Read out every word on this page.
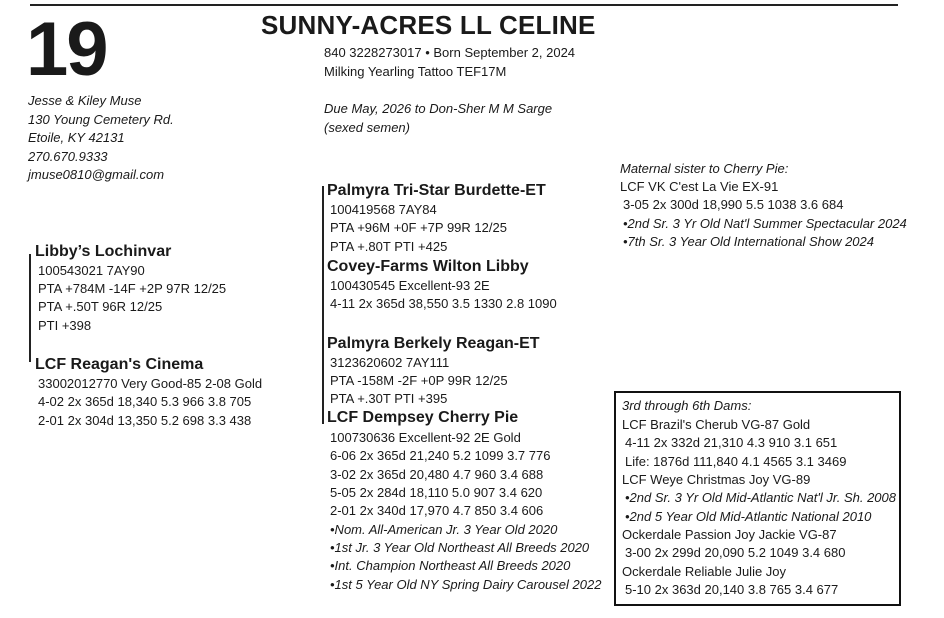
19	SUNNY-ACRES LL CELINE
840 3228273017 • Born September 2, 2024
Milking Yearling Tattoo TEF17M
Due May, 2026 to Don-Sher M M Sarge
(sexed semen)
Jesse & Kiley Muse
130 Young Cemetery Rd.
Etoile, KY 42131
270.670.9333
jmuse0810@gmail.com
Libby’s Lochinvar
100543021 7AY90
PTA +784M -14F +2P 97R 12/25
PTA +.50T 96R 12/25
PTI +398
LCF Reagan's Cinema
33002012770 Very Good-85 2-08 Gold
4-02 2x 365d 18,340 5.3 966 3.8 705
2-01 2x 304d 13,350 5.2 698 3.3 438
Palmyra Tri-Star Burdette-ET
100419568 7AY84
PTA +96M +0F +7P 99R 12/25
PTA +.80T PTI +425
Covey-Farms Wilton Libby
100430545 Excellent-93 2E
4-11 2x 365d 38,550 3.5 1330 2.8 1090
Palmyra Berkely Reagan-ET
3123620602 7AY111
PTA -158M -2F +0P 99R 12/25
PTA +.30T PTI +395
LCF Dempsey Cherry Pie
100730636 Excellent-92 2E Gold
6-06 2x 365d 21,240 5.2 1099 3.7 776
3-02 2x 365d 20,480 4.7 960 3.4 688
5-05 2x 284d 18,110 5.0 907 3.4 620
2-01 2x 340d 17,970 4.7 850 3.4 606
•Nom. All-American Jr. 3 Year Old 2020
•1st Jr. 3 Year Old Northeast All Breeds 2020
•Int. Champion Northeast All Breeds 2020
•1st 5 Year Old NY Spring Dairy Carousel 2022
Maternal sister to Cherry Pie:
LCF VK C'est La Vie EX-91
3-05 2x 300d 18,990 5.5 1038 3.6 684
•2nd Sr. 3 Yr Old Nat'l Summer Spectacular 2024
•7th Sr. 3 Year Old International Show 2024
3rd through 6th Dams:
LCF Brazil's Cherub VG-87 Gold
4-11 2x 332d 21,310 4.3 910 3.1 651
Life: 1876d 111,840 4.1 4565 3.1 3469
LCF Weye Christmas Joy VG-89
•2nd Sr. 3 Yr Old Mid-Atlantic Nat'l Jr. Sh. 2008
•2nd 5 Year Old Mid-Atlantic National 2010
Ockerdale Passion Joy Jackie VG-87
3-00 2x 299d 20,090 5.2 1049 3.4 680
Ockerdale Reliable Julie Joy
5-10 2x 363d 20,140 3.8 765 3.4 677
